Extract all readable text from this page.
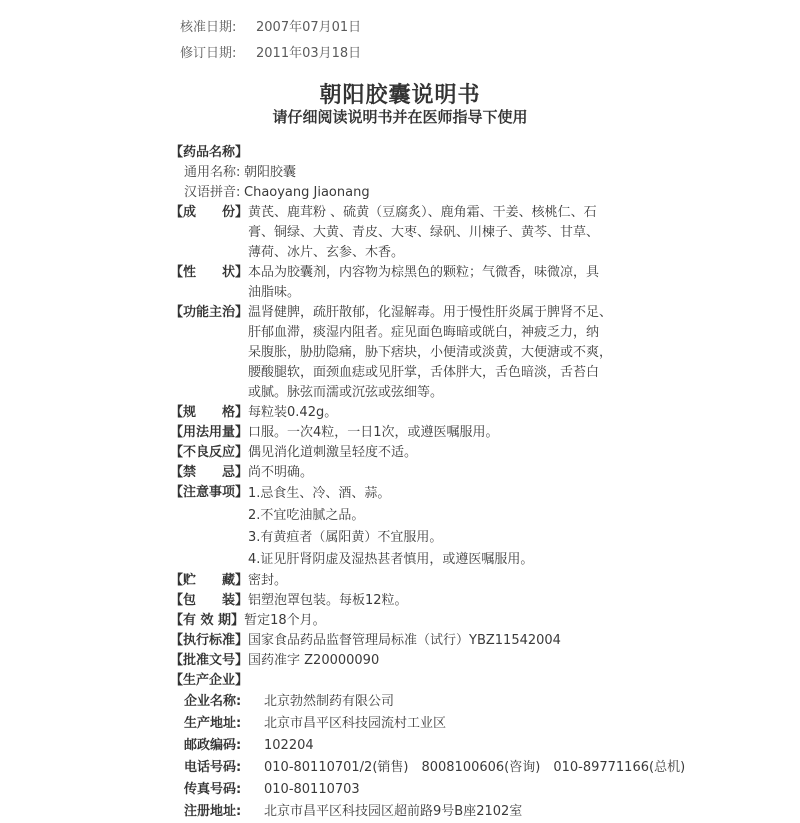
核准日期: 2007年07月01日
修订日期: 2011年03月18日
朝阳胶囊说明书
请仔细阅读说明书并在医师指导下使用
【药品名称】
通用名称: 朝阳胶囊
汉语拼音: Chaoyang Jiaonang
【成　　份】 黄芪、鹿茸粉 、硫黄（豆腐炙）、鹿角霜、干姜、核桃仁、石
膏、铜绿、大黄、青皮、大枣、绿矾、川楝子、黄芩、甘草、
薄荷、冰片、玄参、木香。
【性　　状】 本品为胶囊剂，内容物为棕黑色的颗粒；气微香，味微凉，具
油脂味。
【功能主治】 温肾健脾，疏肝散郁，化湿解毒。用于慢性肝炎属于脾肾不足、
肝郁血滞，痰湿内阻者。症见面色晦暗或㿠白，神疲乏力，纳
呆腹胀，胁肋隐痛，胁下痞块，小便清或淡黄，大便溏或不爽，
腰酸腿软，面颈血痣或见肝掌，舌体胖大，舌色暗淡，舌苔白
或腻。脉弦而濡或沉弦或弦细等。
【规　　格】 每粒装0.42g。
【用法用量】 口服。一次4粒，一日1次，或遵医嘱服用。
【不良反应】 偶见消化道刺激呈轻度不适。
【禁　　忌】 尚不明确。
【注意事项】 1.忌食生、冷、酒、蒜。
2.不宜吃油腻之品。
3.有黄疸者（属阳黄）不宜服用。
4.证见肝肾阴虚及湿热甚者慎用，或遵医嘱服用。
【贮　　藏】 密封。
【包　　装】 铝塑泡罩包装。每板12粒。
【有 效 期】 暂定18个月。
【执行标准】 国家食品药品监督管理局标准（试行）YBZ11542004
【批准文号】 国药准字 Z20000090
【生产企业】
企业名称:	北京勃然制药有限公司
生产地址:	北京市昌平区科技园流村工业区
邮政编码:	102204
电话号码:	010-80110701/2(销售)　8008100606(咨询)　010-89771166(总机)
传真号码:	010-80110703
注册地址:	北京市昌平区科技园区超前路9号B座2102室
